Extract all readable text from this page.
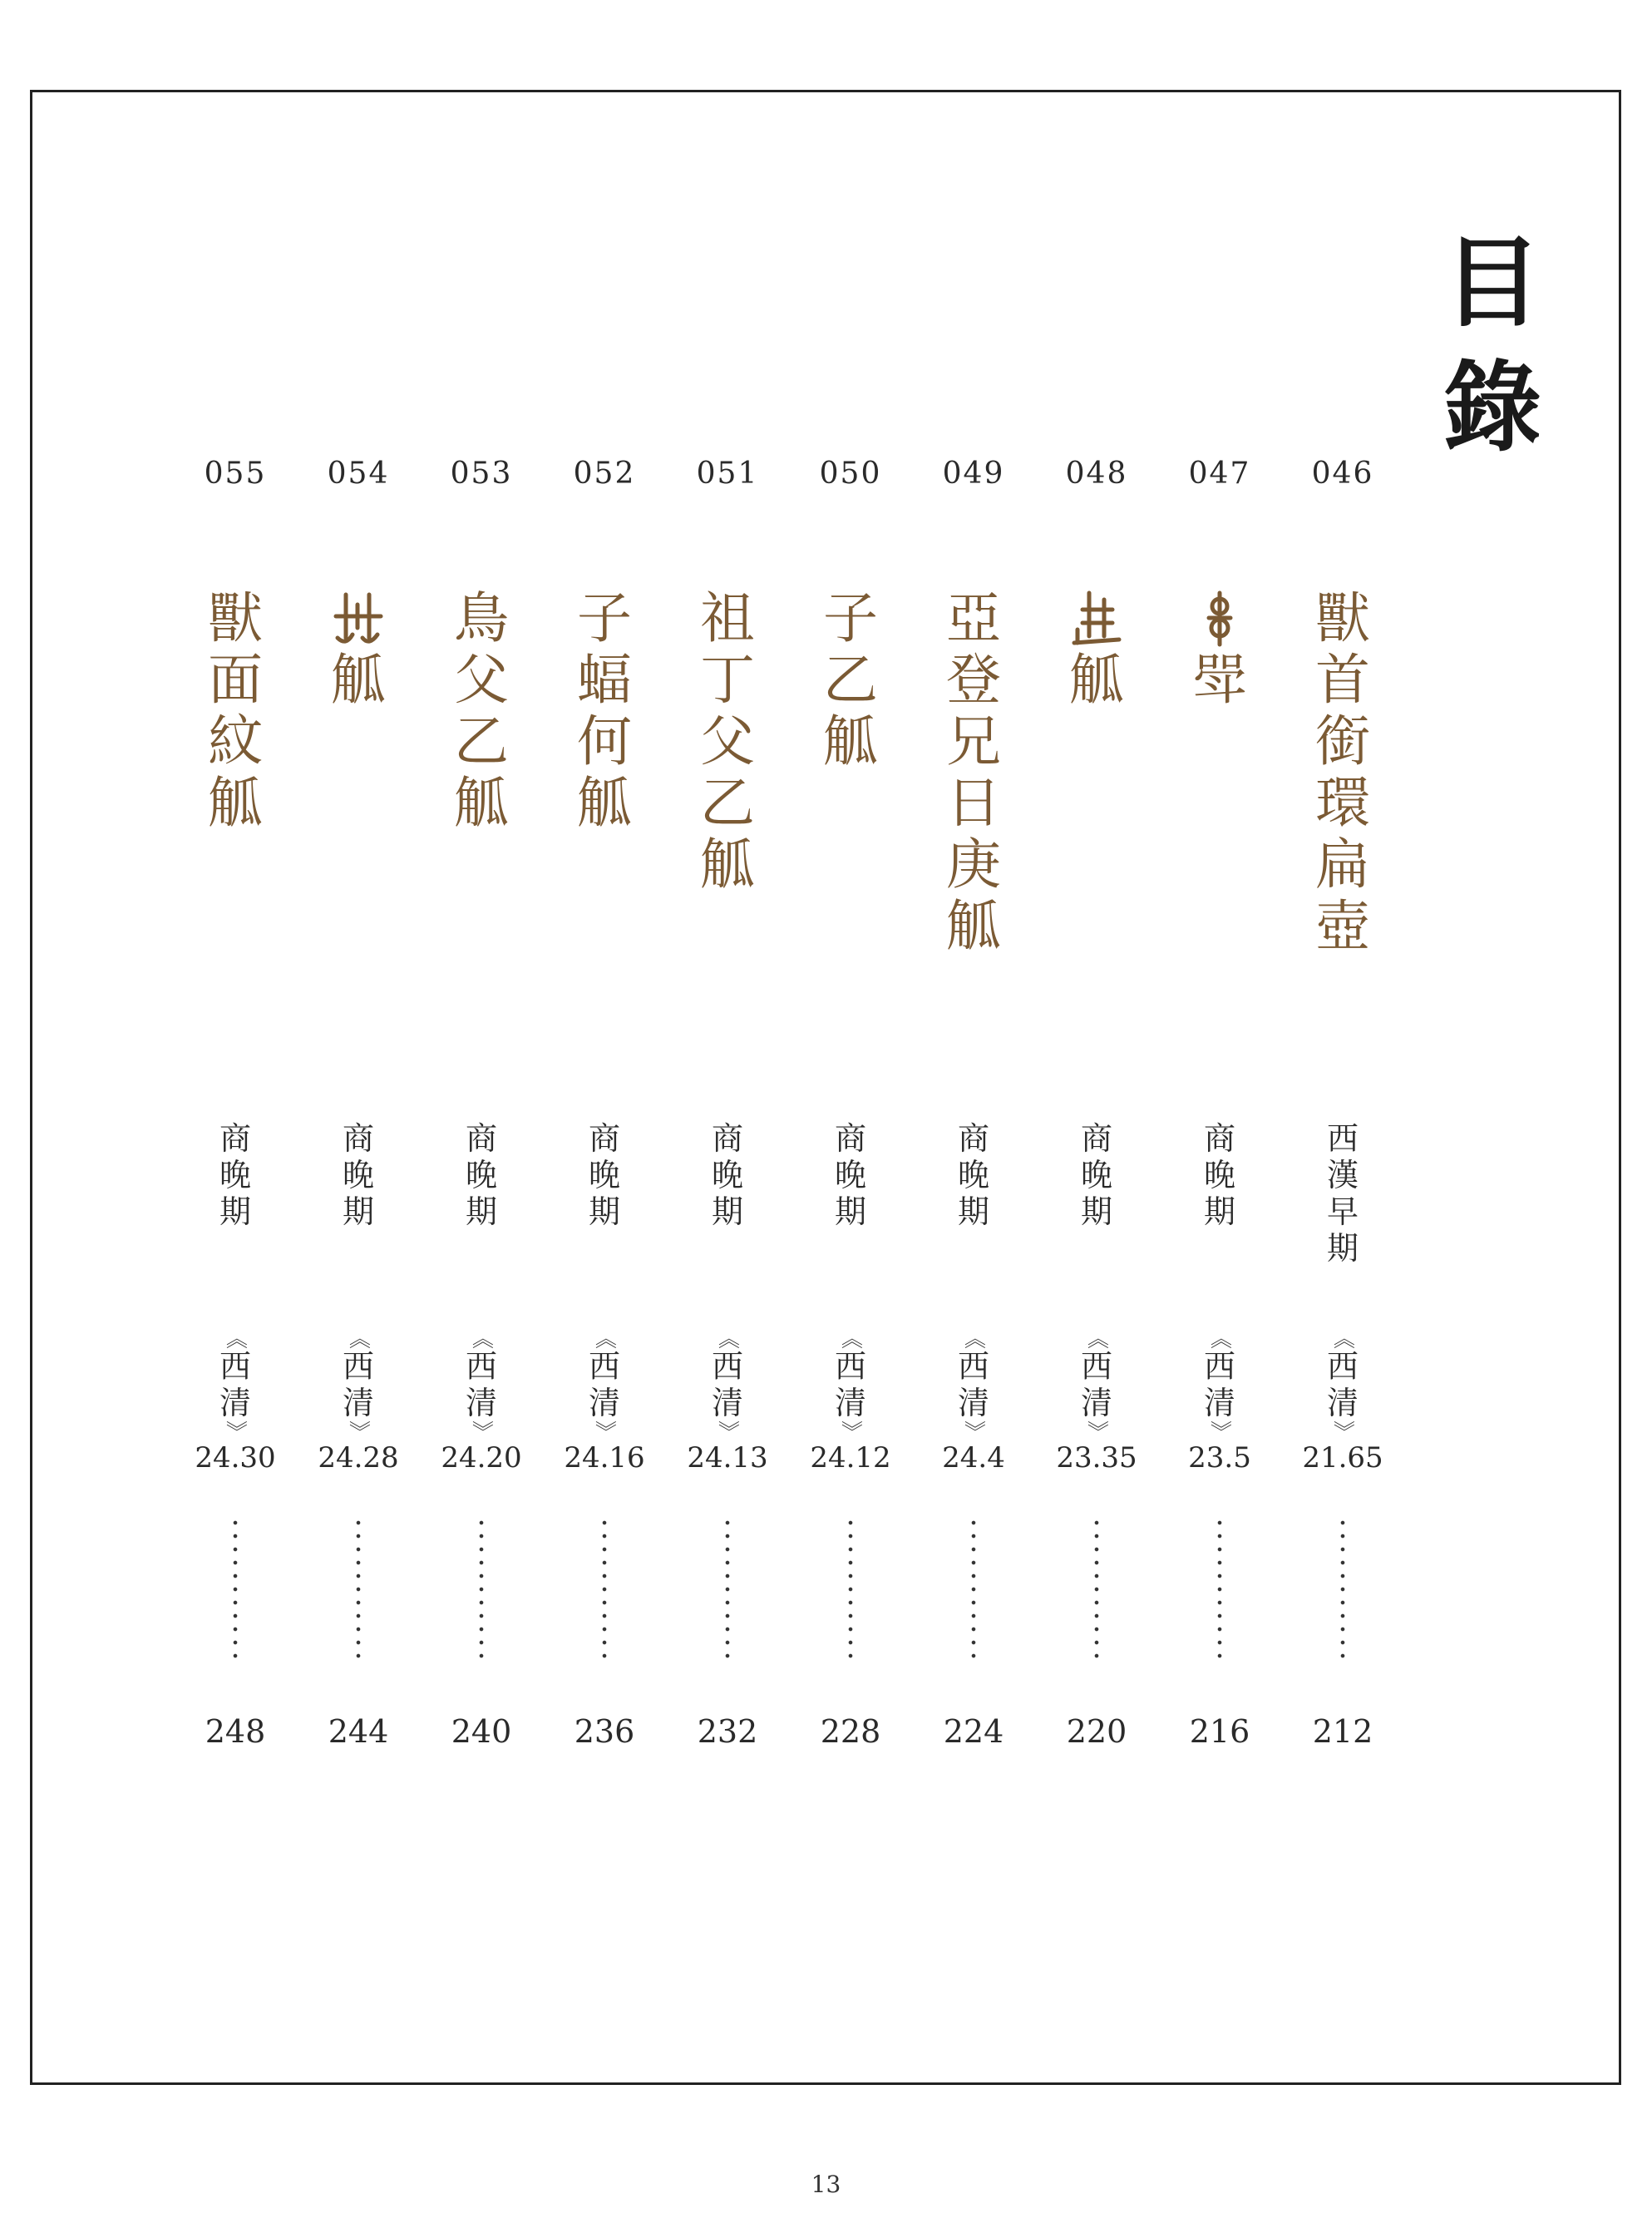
目
錄
046
獸
首
銜
環
扁
壺
西
漢
早
期
《
西
清
》
21.65
212
047
斝
商
晚
期
《
西
清
》
23.5
216
048
觚
商
晚
期
《
西
清
》
23.35
220
049
亞
登
兄
日
庚
觚
商
晚
期
《
西
清
》
24.4
224
050
子
乙
觚
商
晚
期
《
西
清
》
24.12
228
051
祖
丁
父
乙
觚
商
晚
期
《
西
清
》
24.13
232
052
子
蝠
何
觚
商
晚
期
《
西
清
》
24.16
236
053
鳥
父
乙
觚
商
晚
期
《
西
清
》
24.20
240
054
觚
商
晚
期
《
西
清
》
24.28
244
055
獸
面
紋
觚
商
晚
期
《
西
清
》
24.30
248
13
